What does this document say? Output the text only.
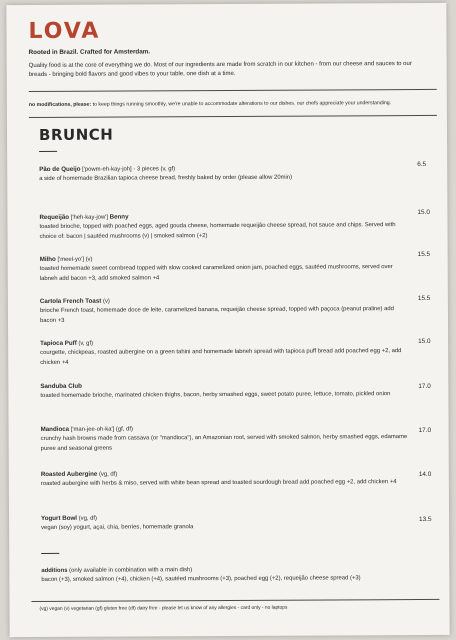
LOVA
Rooted in Brazil. Crafted for Amsterdam.
Quality food is at the core of everything we do. Most of our ingredients are made from scratch in our kitchen - from our cheese and sauces to our breads - bringing bold flavors and good vibes to your table, one dish at a time.
no modifications, please: to keep things running smoothly, we're unable to accommodate alterations to our dishes. our chefs appreciate your understanding.
BRUNCH
Pão de Queijo ['powm-eh-kay-joh] - 3 pieces (v, gf)
a side of homemade Brazilian tapioca cheese bread, freshly baked by order (please allow 20min)
6.5
Requeijão ['heh-kay-jow'] Benny
toasted brioche, topped with poached eggs, aged gouda cheese, homemade requeijão cheese spread, hot sauce and chips. Served with choice of: bacon | sautéed mushrooms (v) | smoked salmon (+2)
15.0
Milho ['meel-yo'] (v)
toasted homemade sweet cornbread topped with slow cooked caramelized onion jam, poached eggs, sautéed mushrooms, served over labneh add bacon +3, add smoked salmon +4
15.5
Cartola French Toast (v)
brioche French toast, homemade doce de leite, caramelized banana, requeijão cheese spread, topped with paçoca (peanut praline) add bacon +3
15.5
Tapioca Puff (v, gf)
courgette, chickpeas, roasted aubergine on a green tahini and homemade labneh spread with tapioca puff bread add poached egg +2, add chicken +4
15.0
Sanduba Club
toasted homemade brioche, marinated chicken thighs, bacon, herby smashed eggs, sweet potato puree, lettuce, tomato, pickled onion
17.0
Mandioca ['man-jee-oh-ka'] (gf, df)
crunchy hash browns made from cassava (or "mandioca"), an Amazonian root, served with smoked salmon, herby smashed eggs, edamame puree and seasonal greens
17.0
Roasted Aubergine (vg, df)
roasted aubergine with herbs & miso, served with white bean spread and toasted sourdough bread add poached egg +2, add chicken +4
14.0
Yogurt Bowl (vg, df)
vegan (soy) yogurt, açai, chia, berries, homemade granola
13.5
additions (only available in combination with a main dish)
bacon (+3), smoked salmon (+4), chicken (+4), sautéed mushrooms (+3), poached egg (+2), requeijão cheese spread (+3)
(vg) vegan (v) vegetarian (gf) gluten free (df) dairy free - please let us know of any allergies - card only - no laptops
